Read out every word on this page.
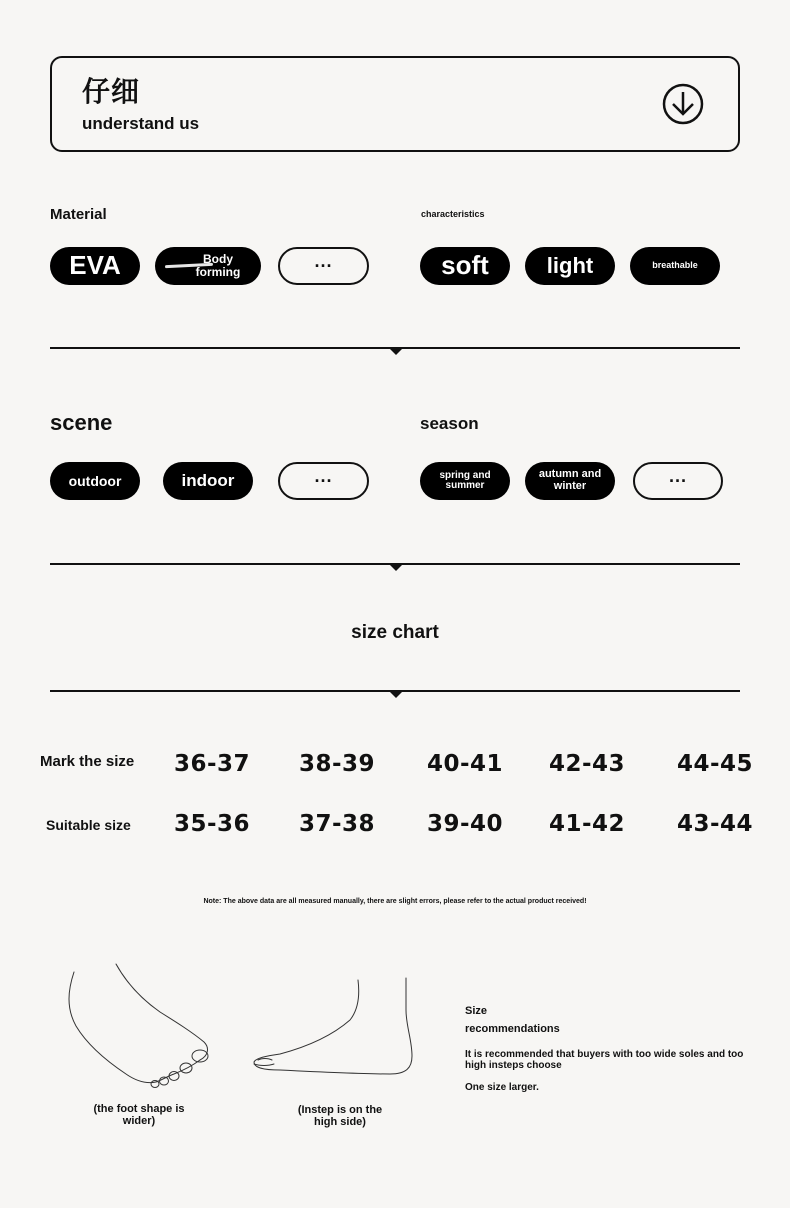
仔细
understand us
Material
EVA	Body forming	···
characteristics
soft	light	breathable
scene
outdoor	indoor	···
season
spring and summer
autumn and winter	···
size chart
Mark the size 36-37 38-39 40-41 42-43 44-45
Suitable size 35-36 37-38 39-40 41-42 43-44
Note: The above data are all measured manually, there are slight errors, please refer to the actual product received!
(the foot shape is wider)
(Instep is on the high side)
Size
recommendations
It is recommended that buyers with too wide soles and too high insteps choose
One size larger.
